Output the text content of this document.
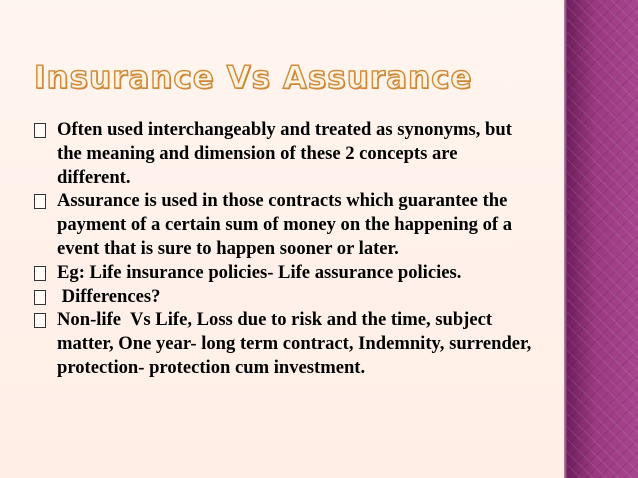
Insurance Vs Assurance
Often used interchangeably and treated as synonyms, but the meaning and dimension of these 2 concepts are different.
Assurance is used in those contracts which guarantee the payment of a certain sum of money on the happening of a event that is sure to happen sooner or later.
Eg: Life insurance policies- Life assurance policies.
Differences?
Non-life  Vs Life, Loss due to risk and the time, subject matter, One year- long term contract, Indemnity, surrender, protection- protection cum investment.
